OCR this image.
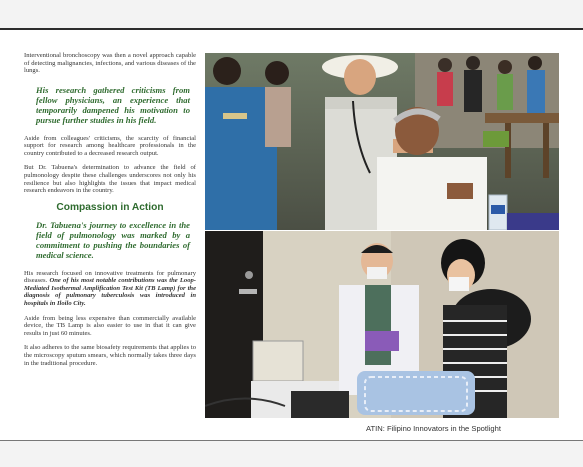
Interventional bronchoscopy was then a novel approach capable of detecting malignancies, infections, and various diseases of the lungs.

His research gathered criticisms from fellow physicians, an experience that temporarily dampened his motivation to pursue further studies in his field.

Aside from colleagues' criticisms, the scarcity of financial support for research among healthcare professionals in the country contributed to a decreased research output.

But Dr. Tabuena's determination to advance the field of pulmonology despite these challenges underscores not only his resilience but also highlights the issues that impact medical research endeavors in the country.

Compassion in Action

Dr. Tabuena's journey to excellence in the field of pulmonology was marked by a commitment to pushing the boundaries of medical science.

His research focused on innovative treatments for pulmonary diseases. One of his most notable contributions was the Loop-Mediated Isothermal Amplification Test Kit (TB Lamp) for the diagnosis of pulmonary tuberculosis was introduced in hospitals in Iloilo City.

Aside from being less expensive than commercially available device, the TB Lamp is also easier to use in that it can give results in just 60 minutes.

It also adheres to the same biosafety requirements that applies to the microscopy sputum smears, which normally takes three days in the traditional procedure.

ATIN: Filipino Innovators in the Spotlight
